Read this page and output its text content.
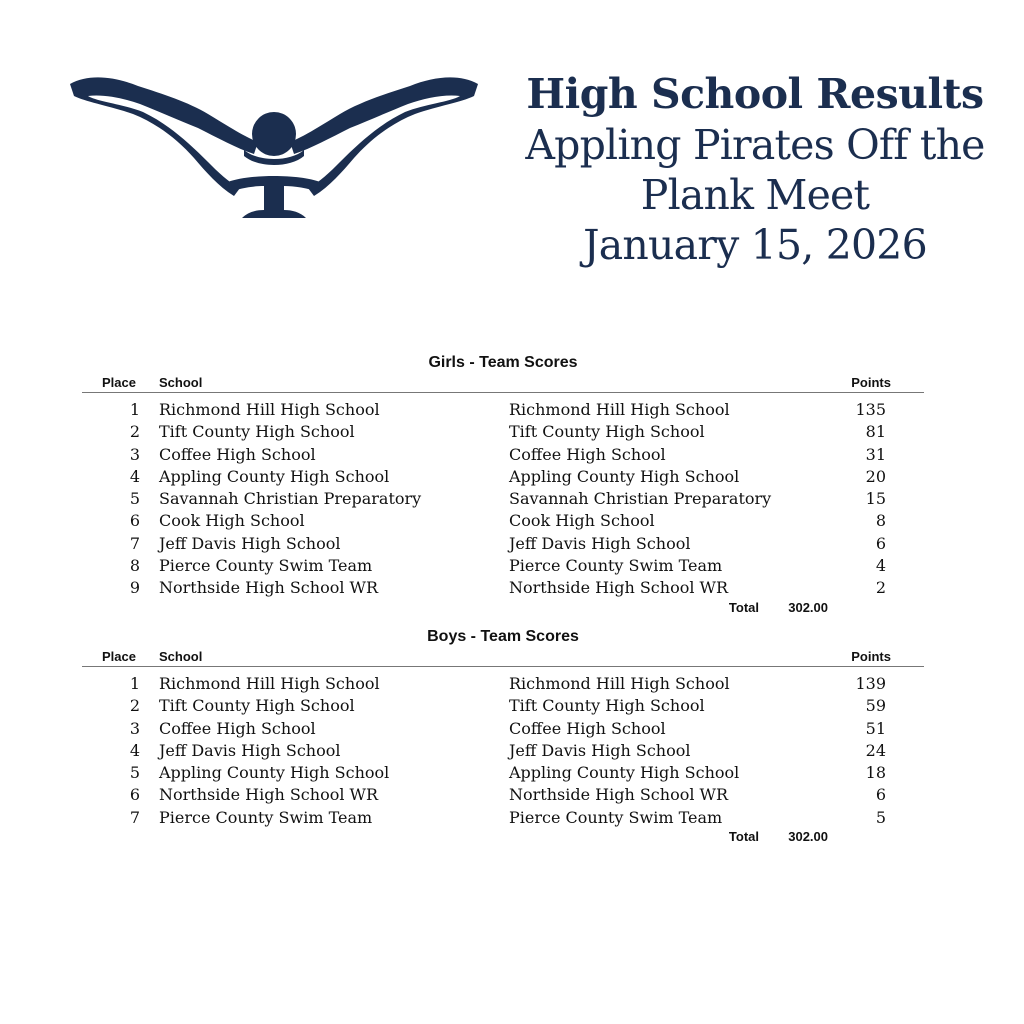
High School Results
Appling Pirates Off the
Plank Meet
January 15, 2026
Girls - Team Scores
Place School	Points
1 Richmond Hill High School	Richmond Hill High School	135
2 Tift County High School	Tift County High School	81
3 Coffee High School	Coffee High School	31
4 Appling County High School	Appling County High School	20
5 Savannah Christian Preparatory	Savannah Christian Preparatory	15
6 Cook High School	Cook High School	8
7 Jeff Davis High School	Jeff Davis High School	6
8 Pierce County Swim Team	Pierce County Swim Team	4
9 Northside High School WR	Northside High School WR	2
Total 302.00
Boys - Team Scores
Place School	Points
1 Richmond Hill High School	Richmond Hill High School	139
2 Tift County High School	Tift County High School	59
3 Coffee High School	Coffee High School	51
4 Jeff Davis High School	Jeff Davis High School	24
5 Appling County High School	Appling County High School	18
6 Northside High School WR	Northside High School WR	6
7 Pierce County Swim Team	Pierce County Swim Team	5
Total 302.00
